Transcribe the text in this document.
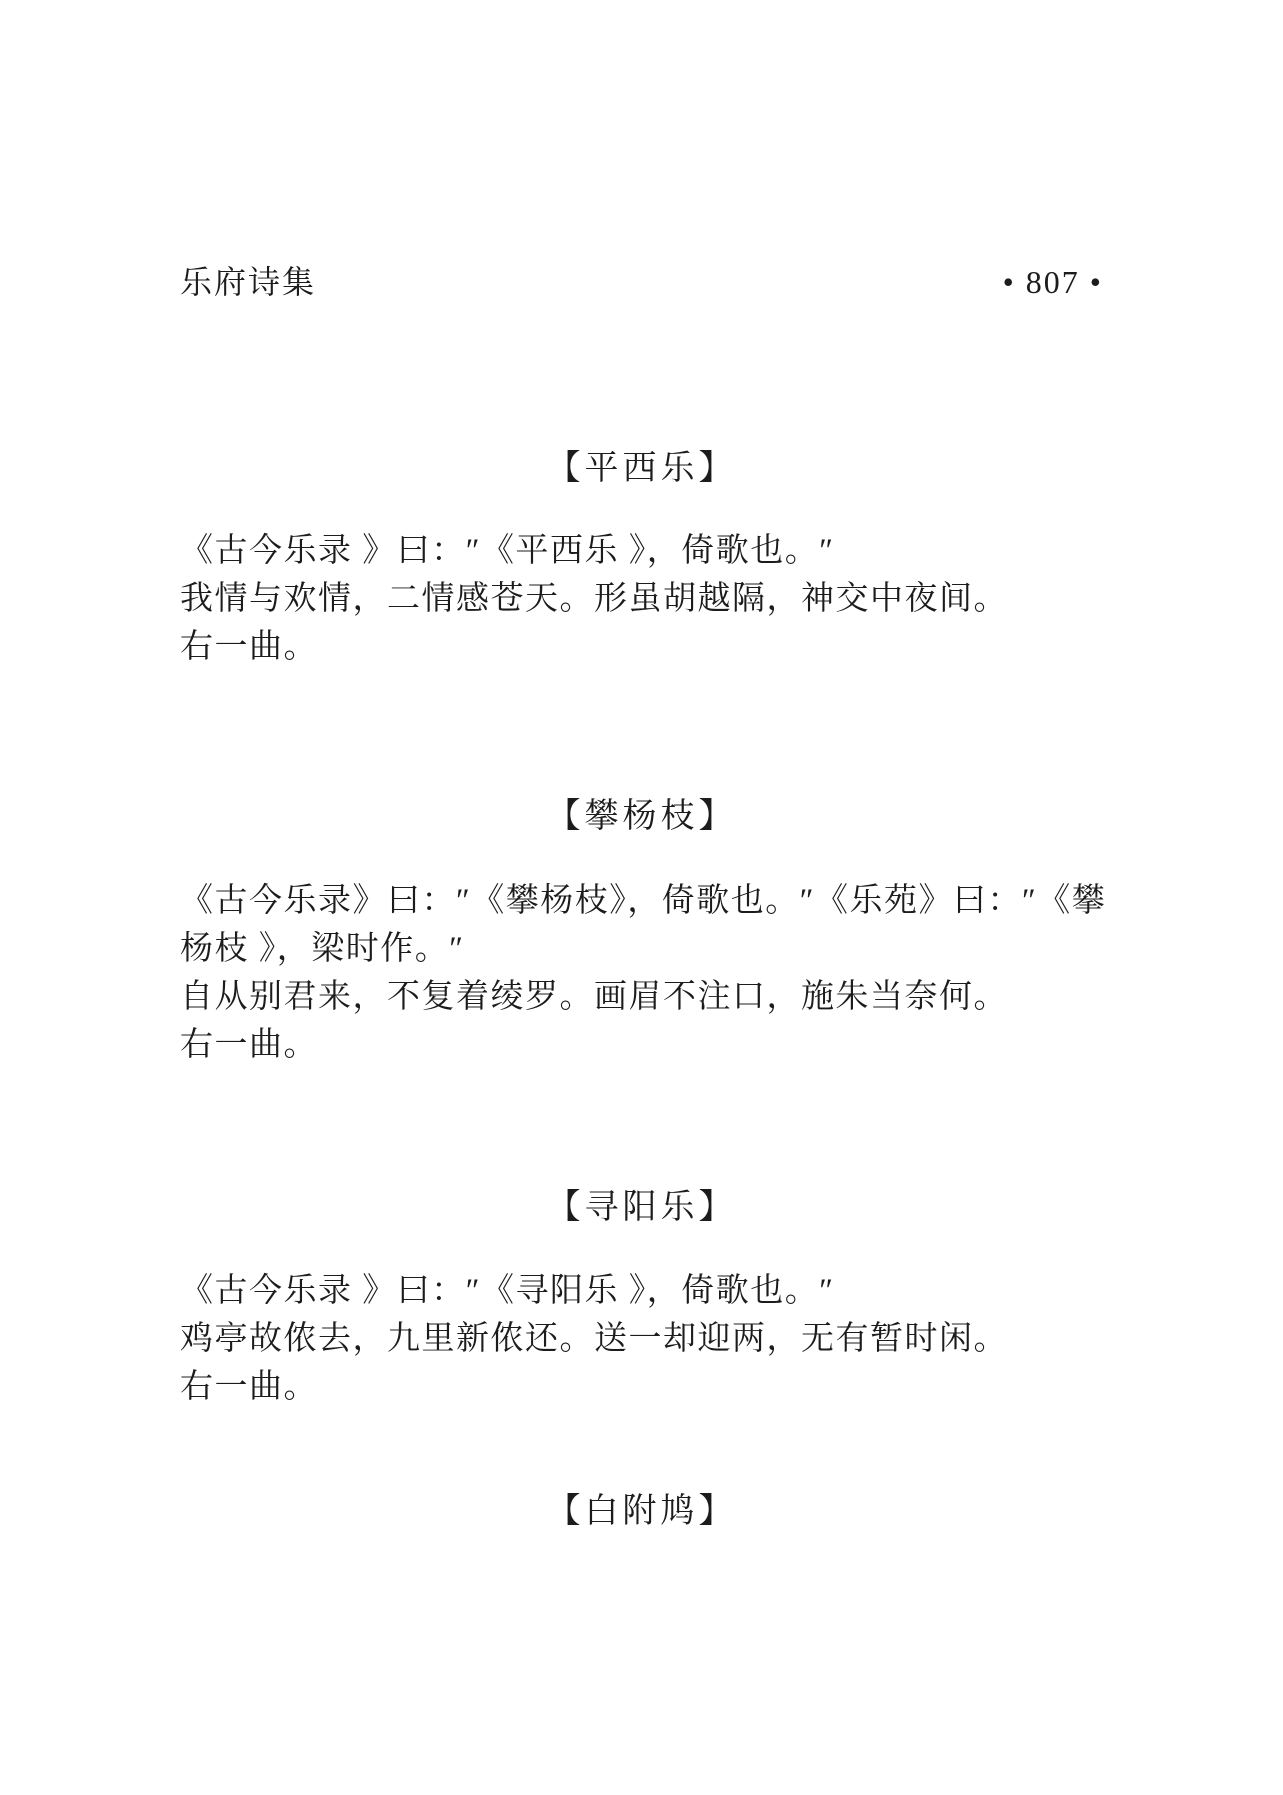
乐府诗集	• 807 •
【平西乐】
《古今乐录 》曰：″《平西乐 》，倚歌也。″
我情与欢情，二情感苍天。形虽胡越隔，神交中夜间。
右一曲。
【攀杨枝】
《古今乐录》曰：″《攀杨枝》，倚歌也。″《乐苑》曰：″《攀
杨枝 》，梁时作。″
自从别君来，不复着绫罗。画眉不注口，施朱当奈何。
右一曲。
【寻阳乐】
《古今乐录 》曰：″《寻阳乐 》，倚歌也。″
鸡亭故侬去，九里新侬还。送一却迎两，无有暂时闲。
右一曲。
【白附鸠】
